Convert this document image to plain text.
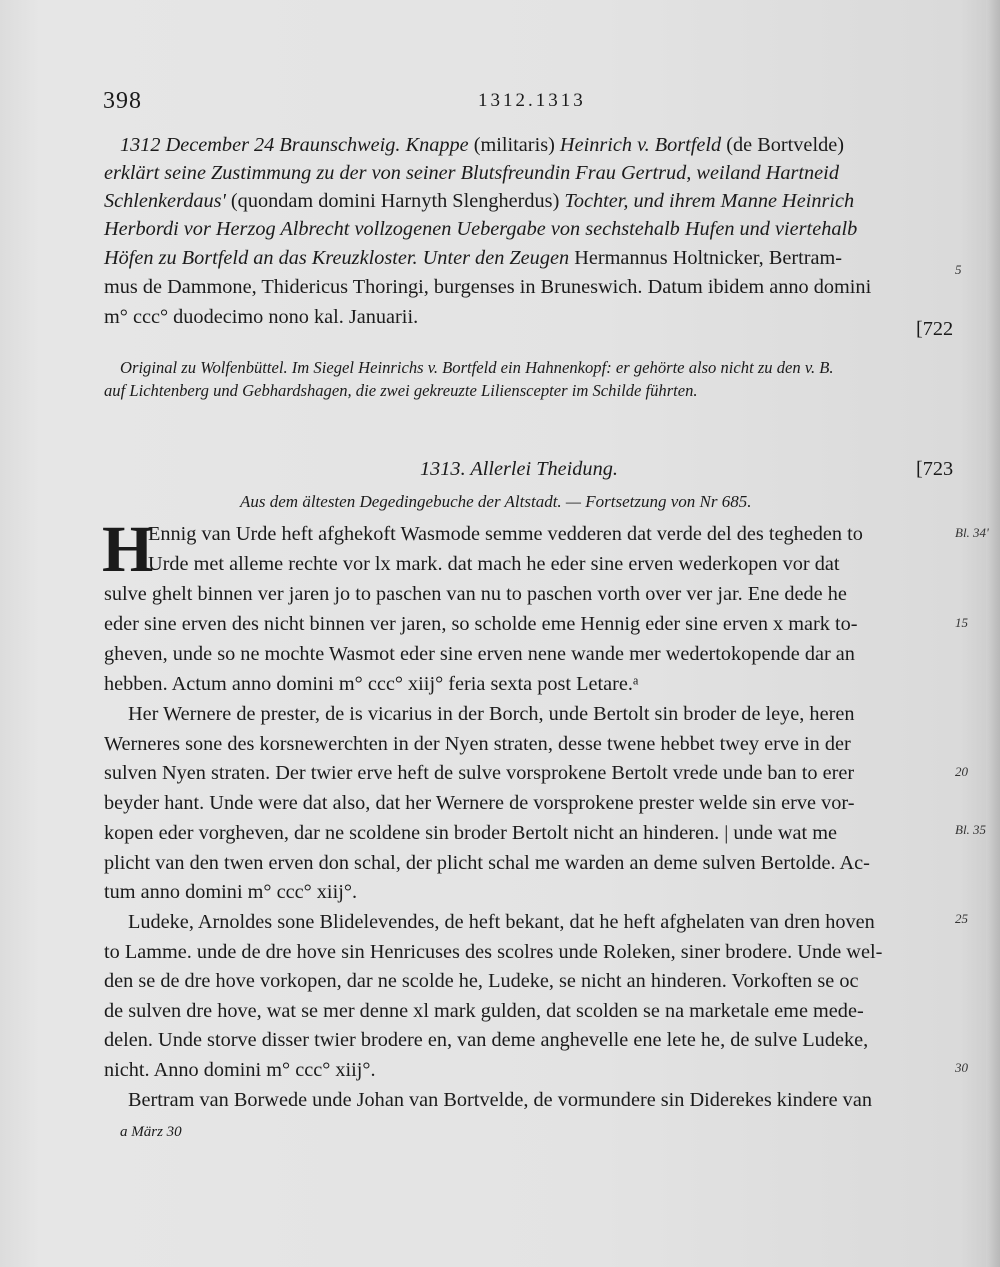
398	1312.1313
1312 December 24 Braunschweig. Knappe (militaris) Heinrich v. Bortfeld (de Bortvelde)
erklärt seine Zustimmung zu der von seiner Blutsfreundin Frau Gertrud, weiland Hartneid
Schlenkerdaus' (quondam domini Harnyth Slengherdus) Tochter, und ihrem Manne Heinrich
Herbordi vor Herzog Albrecht vollzogenen Uebergabe von sechstehalb Hufen und viertehalb
Höfen zu Bortfeld an das Kreuzkloster. Unter den Zeugen Hermannus Holtnicker, Bertram-
mus de Dammone, Thidericus Thoringi, burgenses in Bruneswich. Datum ibidem anno domini
m° ccc° duodecimo nono kal. Januarii.
[722
Original zu Wolfenbüttel. Im Siegel Heinrichs v. Bortfeld ein Hahnenkopf: er gehörte also nicht zu den v. B.
auf Lichtenberg und Gebhardshagen, die zwei gekreuzte Lilienscepter im Schilde führten.
1313. Allerlei Theidung.	[723
Aus dem ältesten Degedingebuche der Altstadt. — Fortsetzung von Nr 685.
H
Ennig van Urde heft afghekoft Wasmode semme vedderen dat verde del des tegheden to
Urde met alleme rechte vor lx mark. dat mach he eder sine erven wederkopen vor dat
sulve ghelt binnen ver jaren jo to paschen van nu to paschen vorth over ver jar. Ene dede he
eder sine erven des nicht binnen ver jaren, so scholde eme Hennig eder sine erven x mark to-
gheven, unde so ne mochte Wasmot eder sine erven nene wande mer wedertokopende dar an
hebben. Actum anno domini m° ccc° xiij° feria sexta post Letare.ᵃ
Her Wernere de prester, de is vicarius in der Borch, unde Bertolt sin broder de leye, heren
Werneres sone des korsnewerchten in der Nyen straten, desse twene hebbet twey erve in der
sulven Nyen straten. Der twier erve heft de sulve vorsprokene Bertolt vrede unde ban to erer
beyder hant. Unde were dat also, dat her Wernere de vorsprokene prester welde sin erve vor-
kopen eder vorgheven, dar ne scoldene sin broder Bertolt nicht an hinderen. | unde wat me
plicht van den twen erven don schal, der plicht schal me warden an deme sulven Bertolde. Ac-
tum anno domini m° ccc° xiij°.
Ludeke, Arnoldes sone Blidelevendes, de heft bekant, dat he heft afghelaten van dren hoven
to Lamme. unde de dre hove sin Henricuses des scolres unde Roleken, siner brodere. Unde wel-
den se de dre hove vorkopen, dar ne scolde he, Ludeke, se nicht an hinderen. Vorkoften se oc
de sulven dre hove, wat se mer denne xl mark gulden, dat scolden se na marketale eme mede-
delen. Unde storve disser twier brodere en, van deme anghevelle ene lete he, de sulve Ludeke,
nicht. Anno domini m° ccc° xiij°.
Bertram van Borwede unde Johan van Bortvelde, de vormundere sin Diderekes kindere van
a März 30
5
15
20
25
30
Bl. 34'
Bl. 35
